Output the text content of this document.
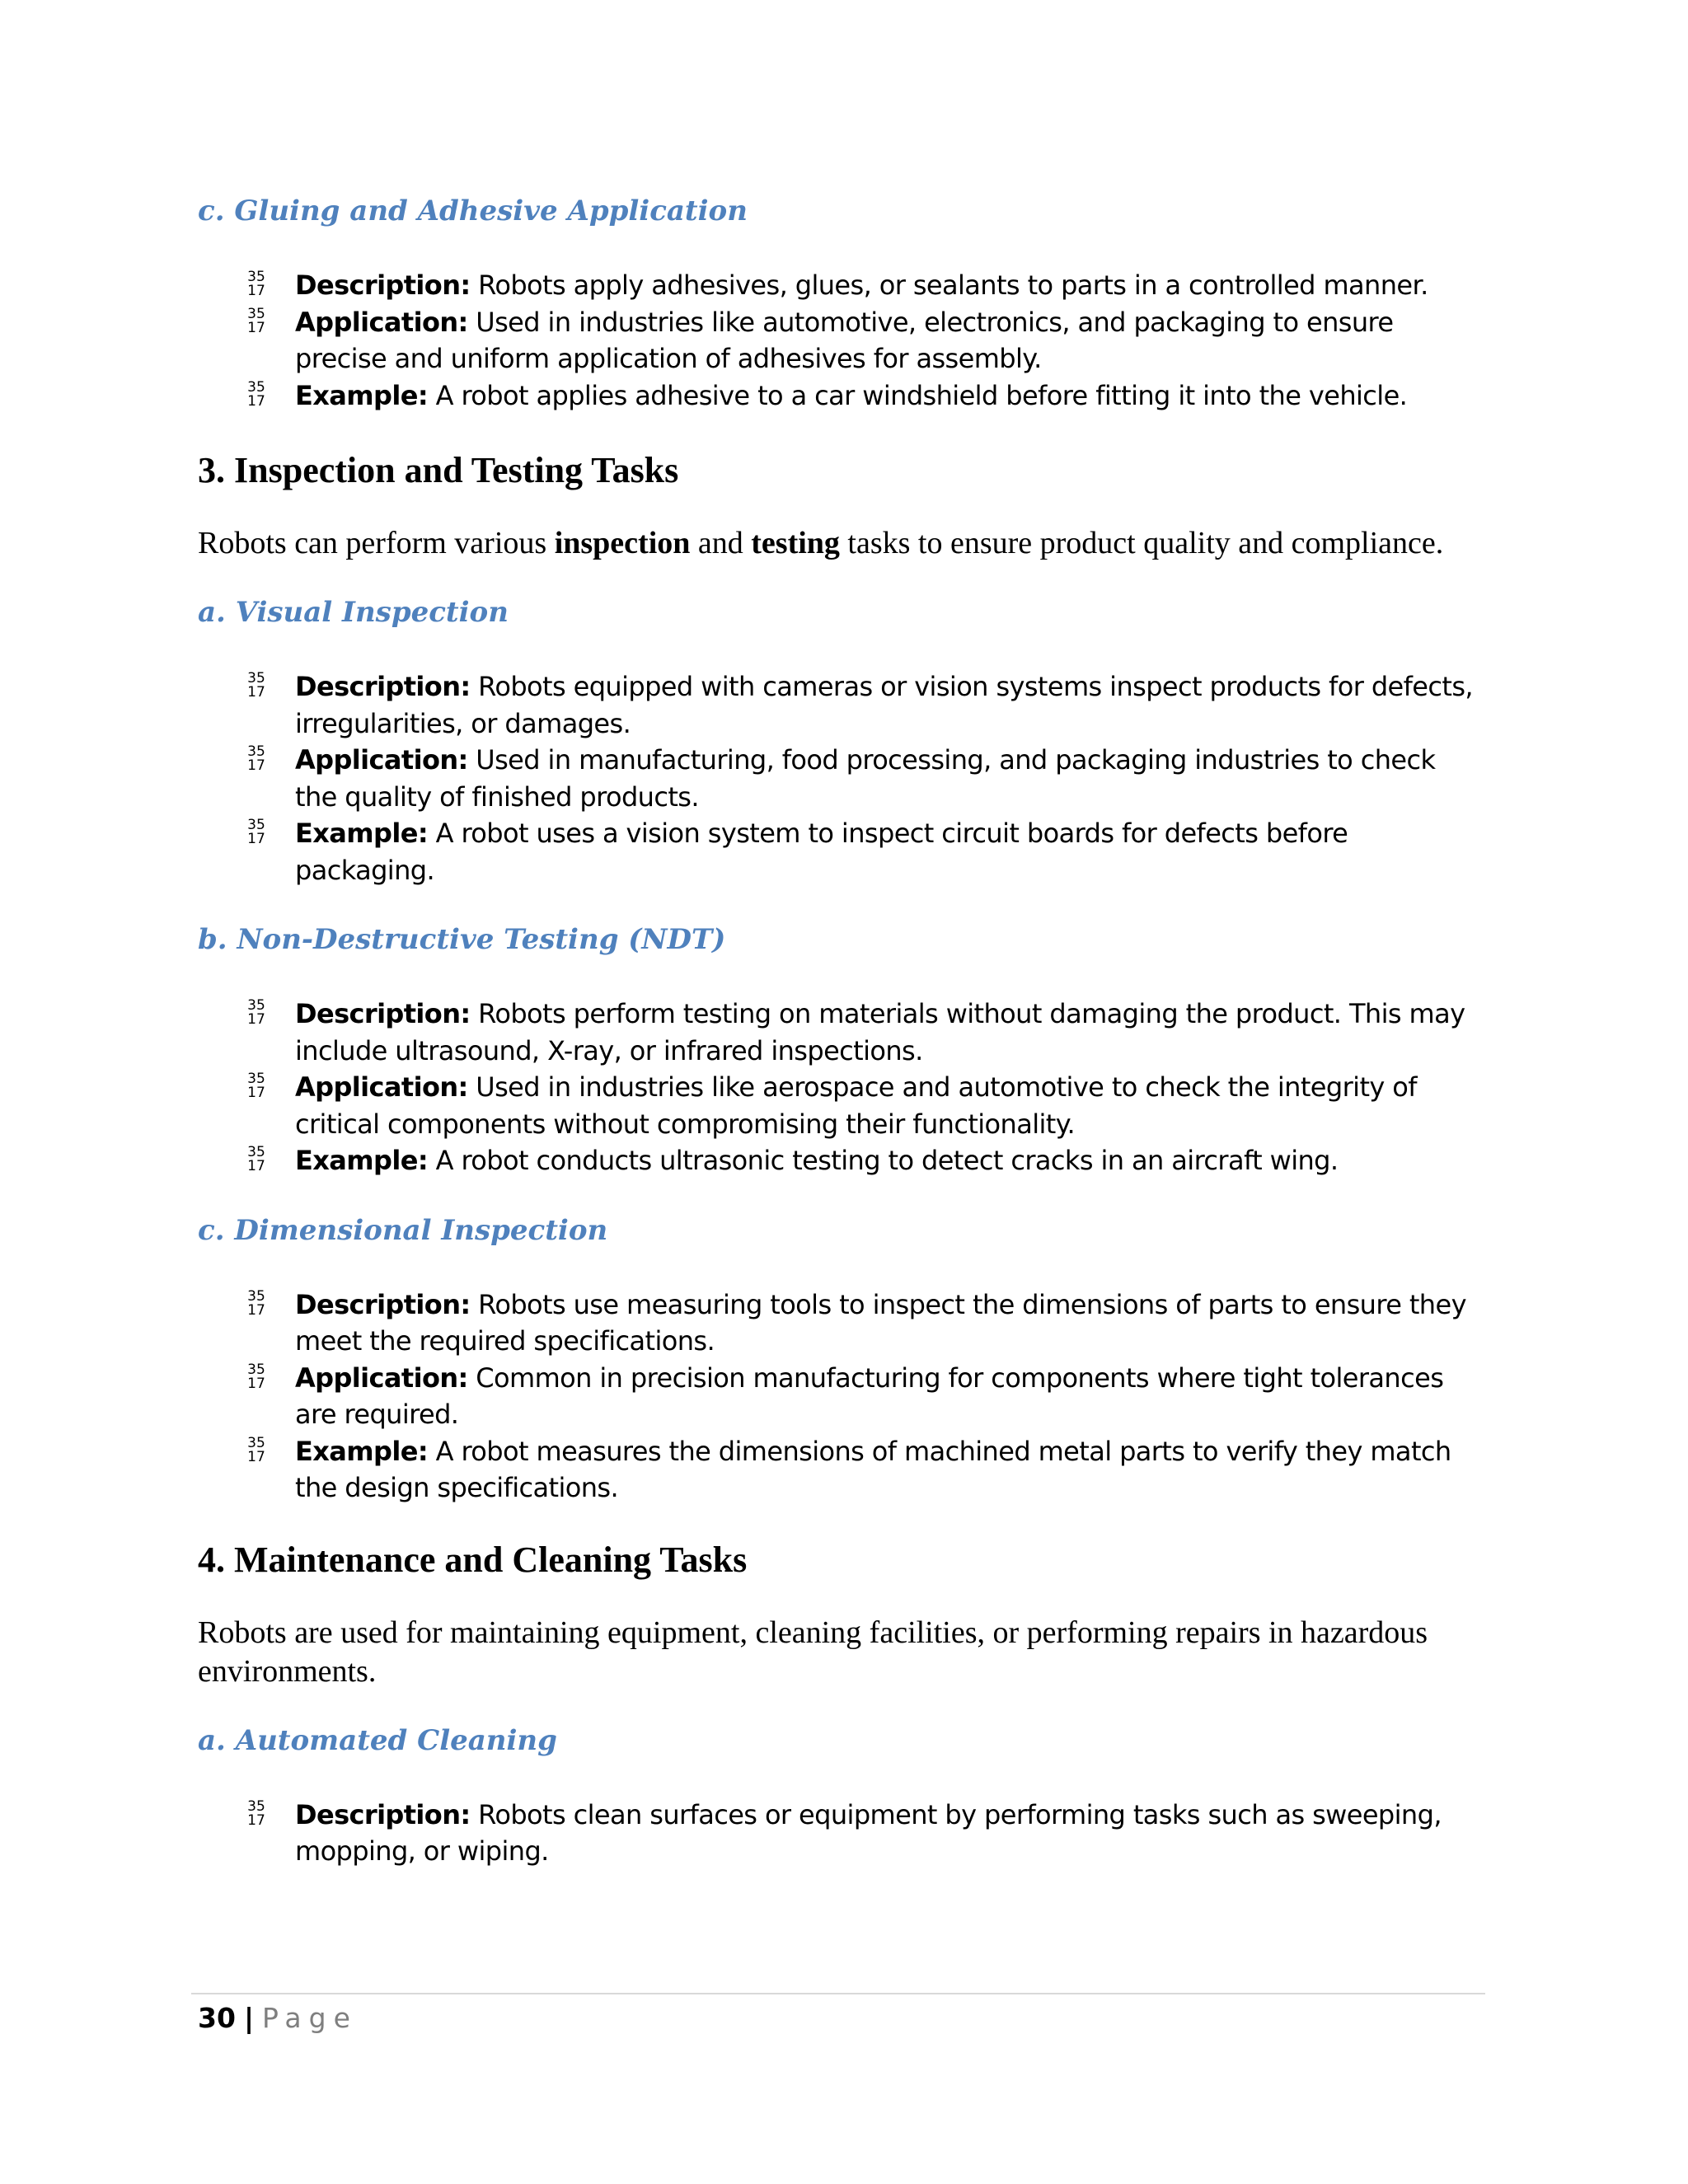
c. Gluing and Adhesive Application
35
17 Description: Robots apply adhesives, glues, or sealants to parts in a controlled manner.
35
17 Application: Used in industries like automotive, electronics, and packaging to ensure precise and uniform application of adhesives for assembly.
35
17 Example: A robot applies adhesive to a car windshield before fitting it into the vehicle.
3. Inspection and Testing Tasks

Robots can perform various inspection and testing tasks to ensure product quality and compliance.

a. Visual Inspection
35
17 Description: Robots equipped with cameras or vision systems inspect products for defects, irregularities, or damages.
35
17 Application: Used in manufacturing, food processing, and packaging industries to check the quality of finished products.
35
17 Example: A robot uses a vision system to inspect circuit boards for defects before packaging.
b. Non-Destructive Testing (NDT)
35
17 Description: Robots perform testing on materials without damaging the product. This may include ultrasound, X-ray, or infrared inspections.
35
17 Application: Used in industries like aerospace and automotive to check the integrity of critical components without compromising their functionality.
35
17 Example: A robot conducts ultrasonic testing to detect cracks in an aircraft wing.
c. Dimensional Inspection
35
17 Description: Robots use measuring tools to inspect the dimensions of parts to ensure they meet the required specifications.
35
17 Application: Common in precision manufacturing for components where tight tolerances are required.
35
17 Example: A robot measures the dimensions of machined metal parts to verify they match the design specifications.
4. Maintenance and Cleaning Tasks

Robots are used for maintaining equipment, cleaning facilities, or performing repairs in hazardous environments.

a. Automated Cleaning
35
17 Description: Robots clean surfaces or equipment by performing tasks such as sweeping, mopping, or wiping.
30 | Page
